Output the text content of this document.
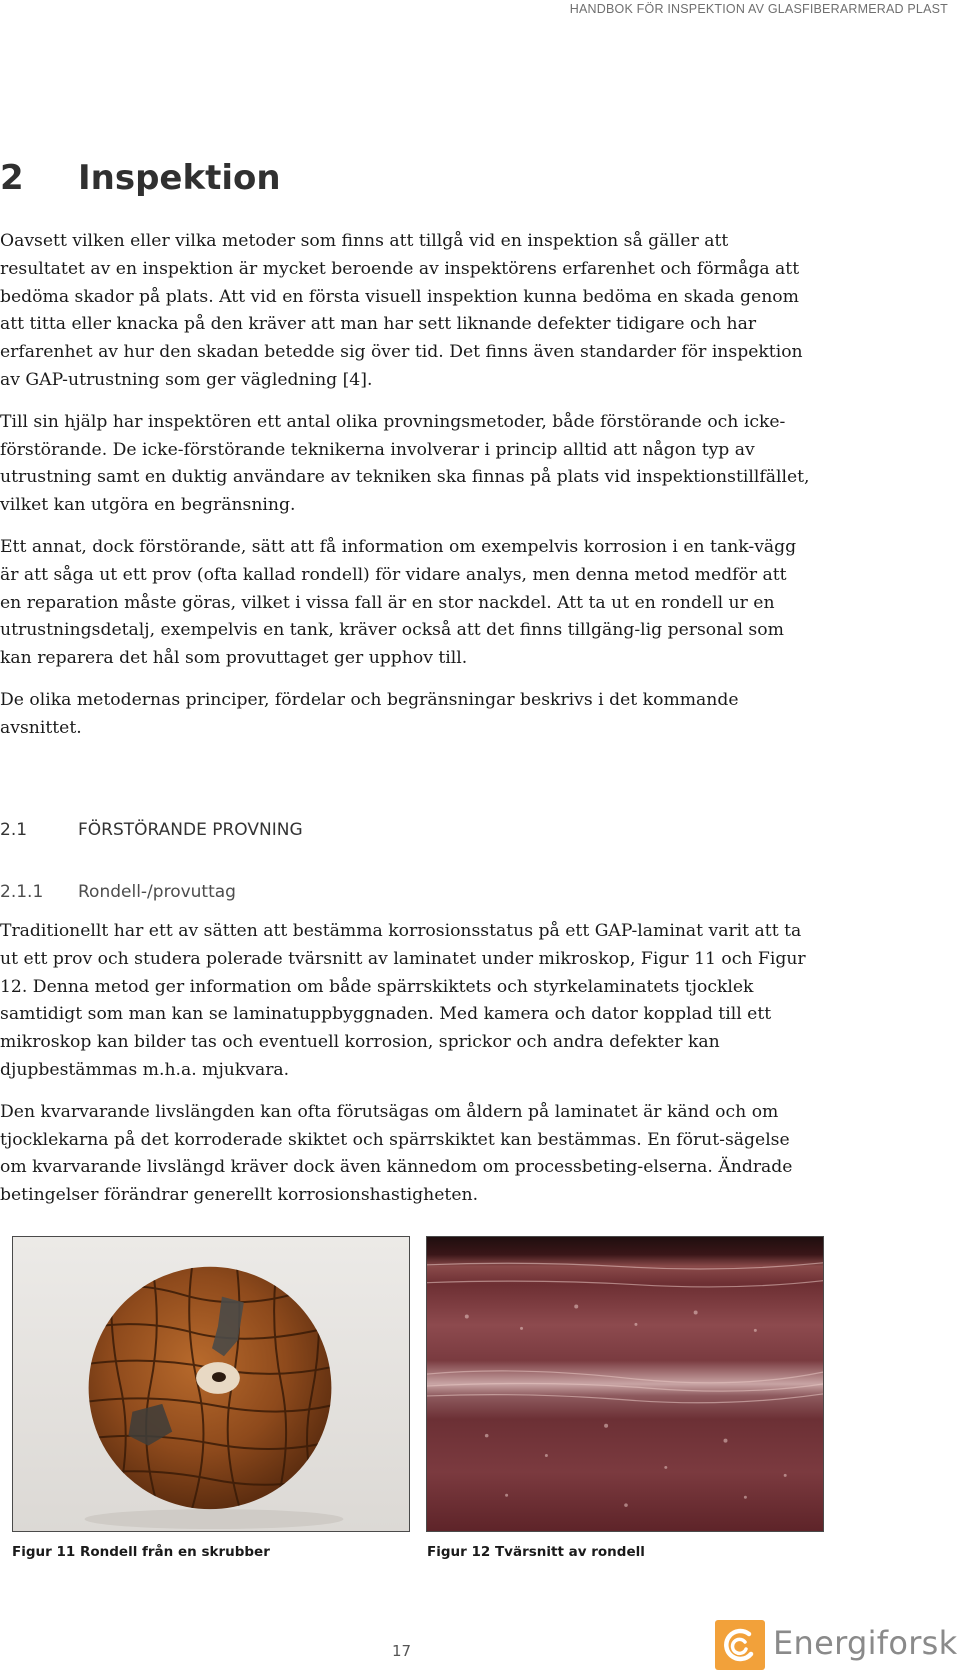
HANDBOK FÖR INSPEKTION AV GLASFIBERARMERAD PLAST
2 Inspektion

Oavsett vilken eller vilka metoder som finns att tillgå vid en inspektion så gäller att resultatet av en inspektion är mycket beroende av inspektörens erfarenhet och förmåga att bedöma skador på plats. Att vid en första visuell inspektion kunna bedöma en skada genom att titta eller knacka på den kräver att man har sett liknande defekter tidigare och har erfarenhet av hur den skadan betedde sig över tid. Det finns även standarder för inspektion av GAP-utrustning som ger vägledning [4].

Till sin hjälp har inspektören ett antal olika provningsmetoder, både förstörande och icke-förstörande. De icke-förstörande teknikerna involverar i princip alltid att någon typ av utrustning samt en duktig användare av tekniken ska finnas på plats vid inspektionstillfället, vilket kan utgöra en begränsning.

Ett annat, dock förstörande, sätt att få information om exempelvis korrosion i en tank-vägg är att såga ut ett prov (ofta kallad rondell) för vidare analys, men denna metod medför att en reparation måste göras, vilket i vissa fall är en stor nackdel. Att ta ut en rondell ur en utrustningsdetalj, exempelvis en tank, kräver också att det finns tillgäng-lig personal som kan reparera det hål som provuttaget ger upphov till.

De olika metodernas principer, fördelar och begränsningar beskrivs i det kommande avsnittet.

2.1	FÖRSTÖRANDE PROVNING
2.1.1 Rondell-/provuttag

Traditionellt har ett av sätten att bestämma korrosionsstatus på ett GAP-laminat varit att ta ut ett prov och studera polerade tvärsnitt av laminatet under mikroskop, Figur 11 och Figur 12. Denna metod ger information om både spärrskiktets och styrkelaminatets tjocklek samtidigt som man kan se laminatuppbyggnaden. Med kamera och dator kopplad till ett mikroskop kan bilder tas och eventuell korrosion, sprickor och andra defekter kan djupbestämmas m.h.a. mjukvara.

Den kvarvarande livslängden kan ofta förutsägas om åldern på laminatet är känd och om tjocklekarna på det korroderade skiktet och spärrskiktet kan bestämmas. En förut-sägelse om kvarvarande livslängd kräver dock även kännedom om processbeting-elserna. Ändrade betingelser förändrar generellt korrosionshastigheten.

Figur 11 Rondell från en skrubber	Figur 12 Tvärsnitt av rondell
17	Energiforsk
